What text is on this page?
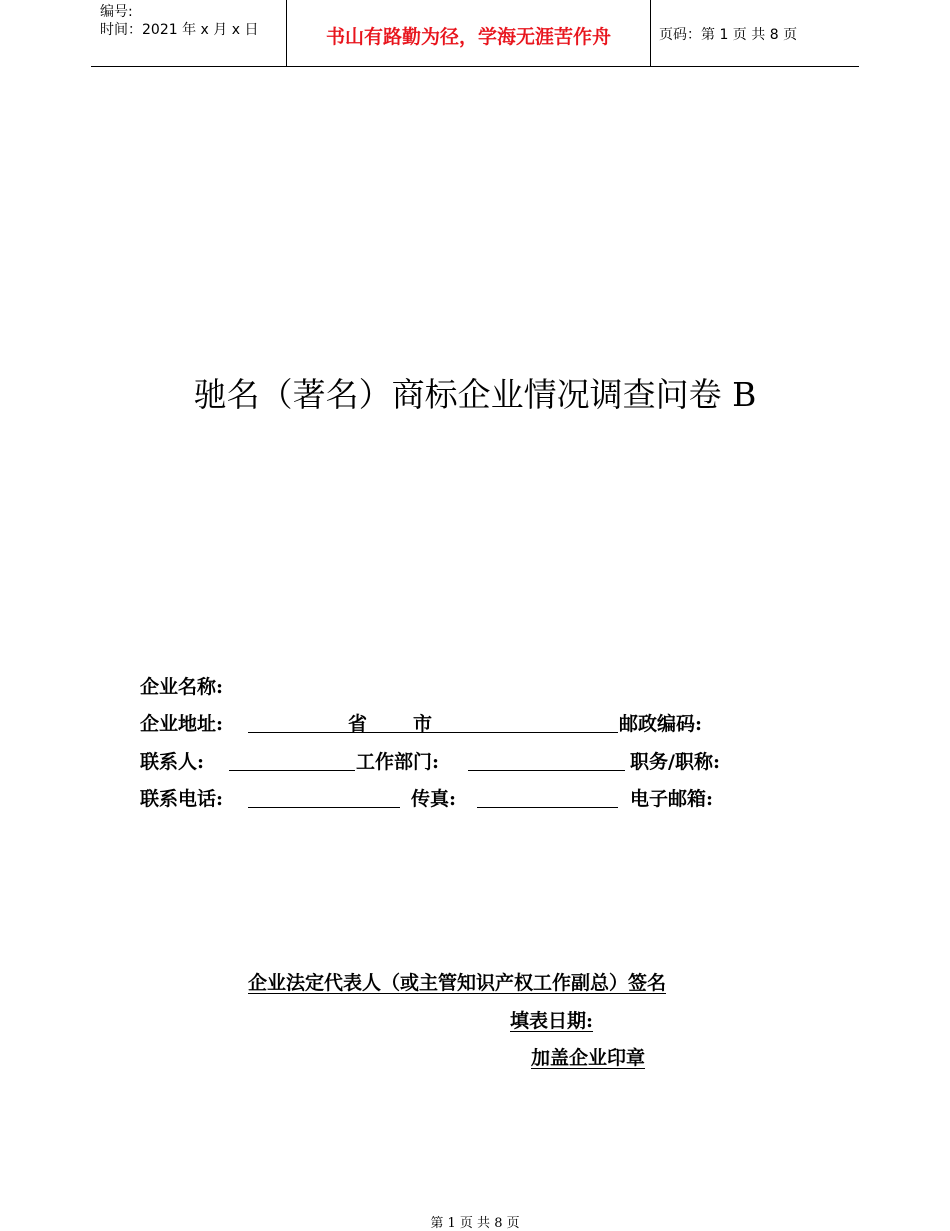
编号:
时间：2021 年 x 月 x 日	书山有路勤为径，学海无涯苦作舟	页码：第 1 页 共 8 页
驰名（著名）商标企业情况调查问卷 B
企业名称:
企业地址:	省 市	邮政编码:
联系人:	工作部门:	职务/职称:
联系电话:	传真:	电子邮箱:
企业法定代表人（或主管知识产权工作副总）签名
填表日期:
加盖企业印章
第 1 页 共 8 页
